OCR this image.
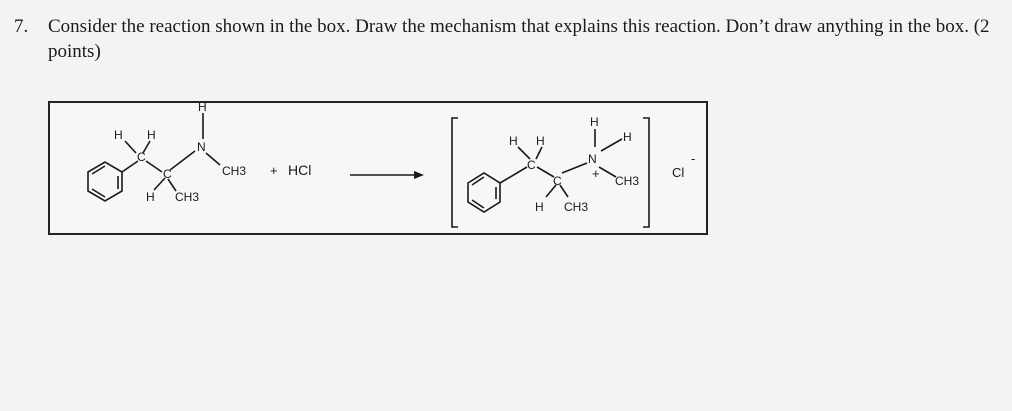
7. Consider the reaction shown in the box. Draw the mechanism that explains this reaction. Don’t draw anything in the box. (2 points)
H H
C
C
H
N
CH3
H CH3
+ HCl
H H
C
C
H
N
H
+ CH3
H CH3
Cl
-
